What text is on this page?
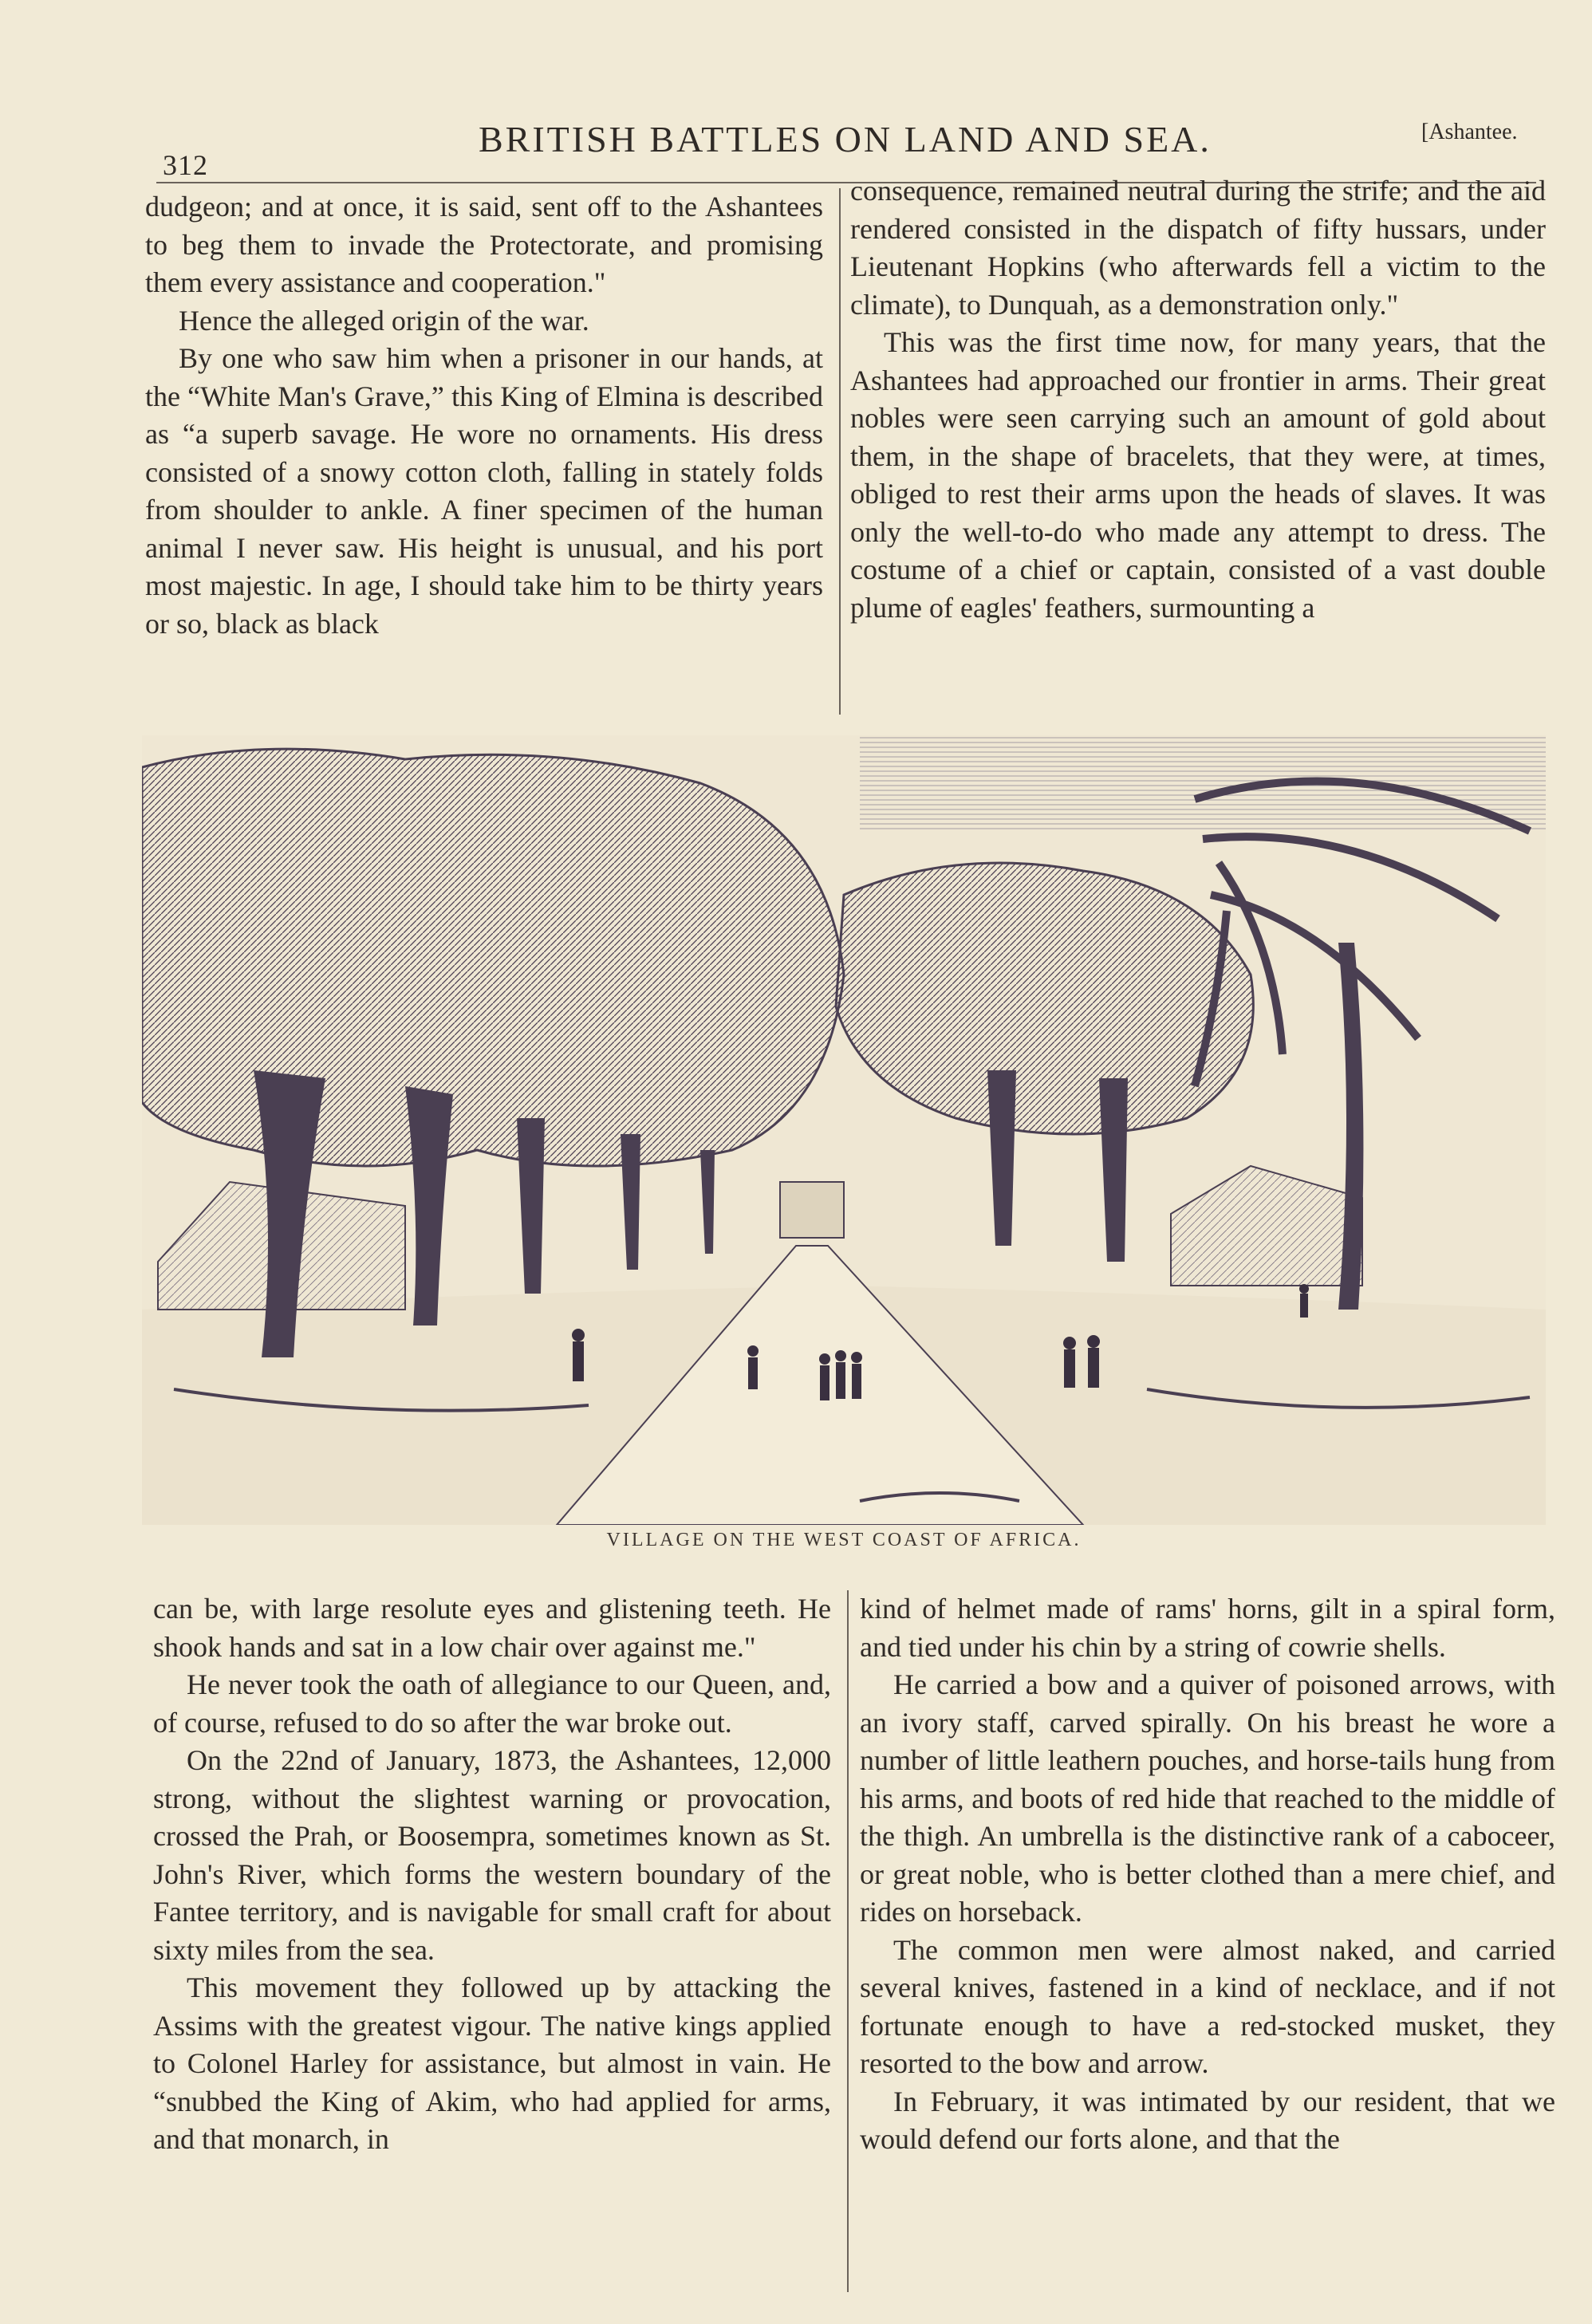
312
BRITISH BATTLES ON LAND AND SEA.	[Ashantee.

dudgeon; and at once, it is said, sent off to the Ashantees to beg them to invade the Protectorate, and promising them every assistance and cooperation."

Hence the alleged origin of the war.

By one who saw him when a prisoner in our hands, at the “White Man's Grave,” this King of Elmina is described as “a superb savage. He wore no ornaments. His dress consisted of a snowy cotton cloth, falling in stately folds from shoulder to ankle. A finer specimen of the human animal I never saw. His height is unusual, and his port most majestic. In age, I should take him to be thirty years or so, black as black

consequence, remained neutral during the strife; and the aid rendered consisted in the dispatch of fifty hussars, under Lieutenant Hopkins (who afterwards fell a victim to the climate), to Dunquah, as a demonstration only."

This was the first time now, for many years, that the Ashantees had approached our frontier in arms. Their great nobles were seen carrying such an amount of gold about them, in the shape of bracelets, that they were, at times, obliged to rest their arms upon the heads of slaves. It was only the well-to-do who made any attempt to dress. The costume of a chief or captain, consisted of a vast double plume of eagles' feathers, surmounting a

VILLAGE ON THE WEST COAST OF AFRICA.

can be, with large resolute eyes and glistening teeth. He shook hands and sat in a low chair over against me."

He never took the oath of allegiance to our Queen, and, of course, refused to do so after the war broke out.

On the 22nd of January, 1873, the Ashantees, 12,000 strong, without the slightest warning or provocation, crossed the Prah, or Boosempra, sometimes known as St. John's River, which forms the western boundary of the Fantee territory, and is navigable for small craft for about sixty miles from the sea.

This movement they followed up by attacking the Assims with the greatest vigour. The native kings applied to Colonel Harley for assistance, but almost in vain. He “snubbed the King of Akim, who had applied for arms, and that monarch, in

kind of helmet made of rams' horns, gilt in a spiral form, and tied under his chin by a string of cowrie shells.

He carried a bow and a quiver of poisoned arrows, with an ivory staff, carved spirally. On his breast he wore a number of little leathern pouches, and horse-tails hung from his arms, and boots of red hide that reached to the middle of the thigh. An umbrella is the distinctive rank of a caboceer, or great noble, who is better clothed than a mere chief, and rides on horseback.

The common men were almost naked, and carried several knives, fastened in a kind of necklace, and if not fortunate enough to have a red-stocked musket, they resorted to the bow and arrow.

In February, it was intimated by our resident, that we would defend our forts alone, and that the
